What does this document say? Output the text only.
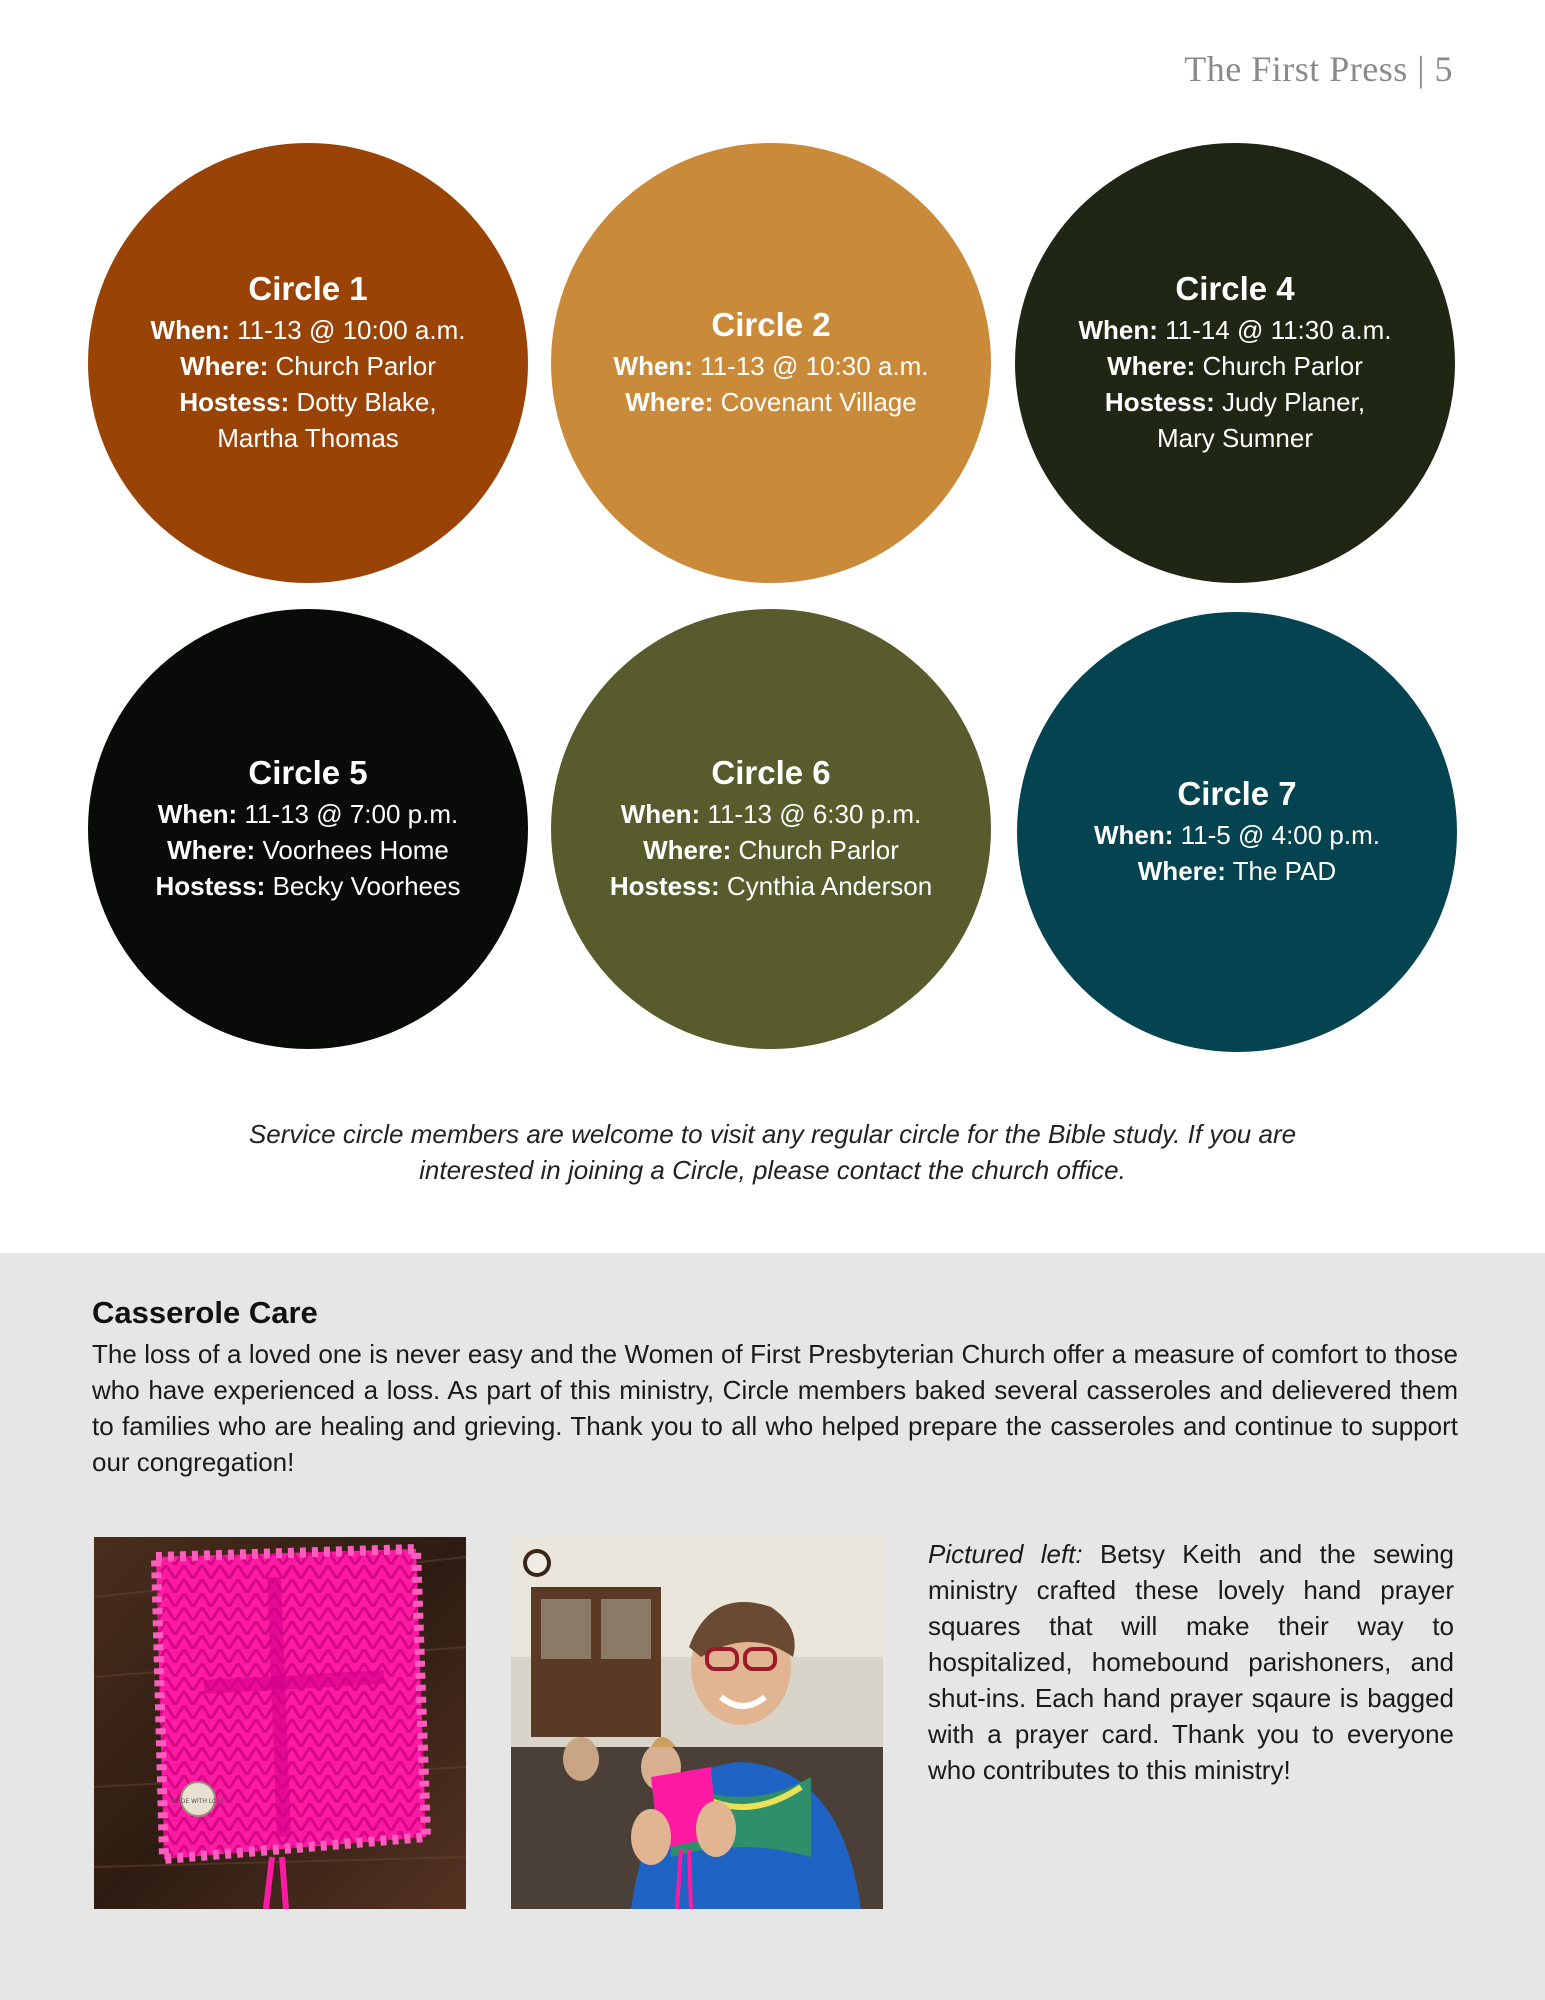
The First Press | 5
Circle 1
When: 11-13 @ 10:00 a.m.
Where: Church Parlor
Hostess: Dotty Blake,
Martha Thomas
Circle 2
When: 11-13 @ 10:30 a.m.
Where: Covenant Village
Circle 4
When: 11-14 @ 11:30 a.m.
Where: Church Parlor
Hostess: Judy Planer,
Mary Sumner
Circle 5
When: 11-13 @ 7:00 p.m.
Where: Voorhees Home
Hostess: Becky Voorhees
Circle 6
When: 11-13 @ 6:30 p.m.
Where: Church Parlor
Hostess: Cynthia Anderson
Circle 7
When: 11-5 @ 4:00 p.m.
Where: The PAD
Service circle members are welcome to visit any regular circle for the Bible study. If you are interested in joining a Circle, please contact the church office.
Casserole Care
The loss of a loved one is never easy and the Women of First Presbyterian Church offer a measure of comfort to those who have experienced a loss. As part of this ministry, Circle members baked several casseroles and delievered them to families who are healing and grieving. Thank you to all who helped prepare the casseroles and continue to support our congregation!
MADE WITH LOVE
Pictured left: Betsy Keith and the sewing ministry crafted these lovely hand prayer squares that will make their way to hospitalized, homebound parishoners, and shut-ins. Each hand prayer sqaure is bagged with a prayer card. Thank you to everyone who contributes to this ministry!
